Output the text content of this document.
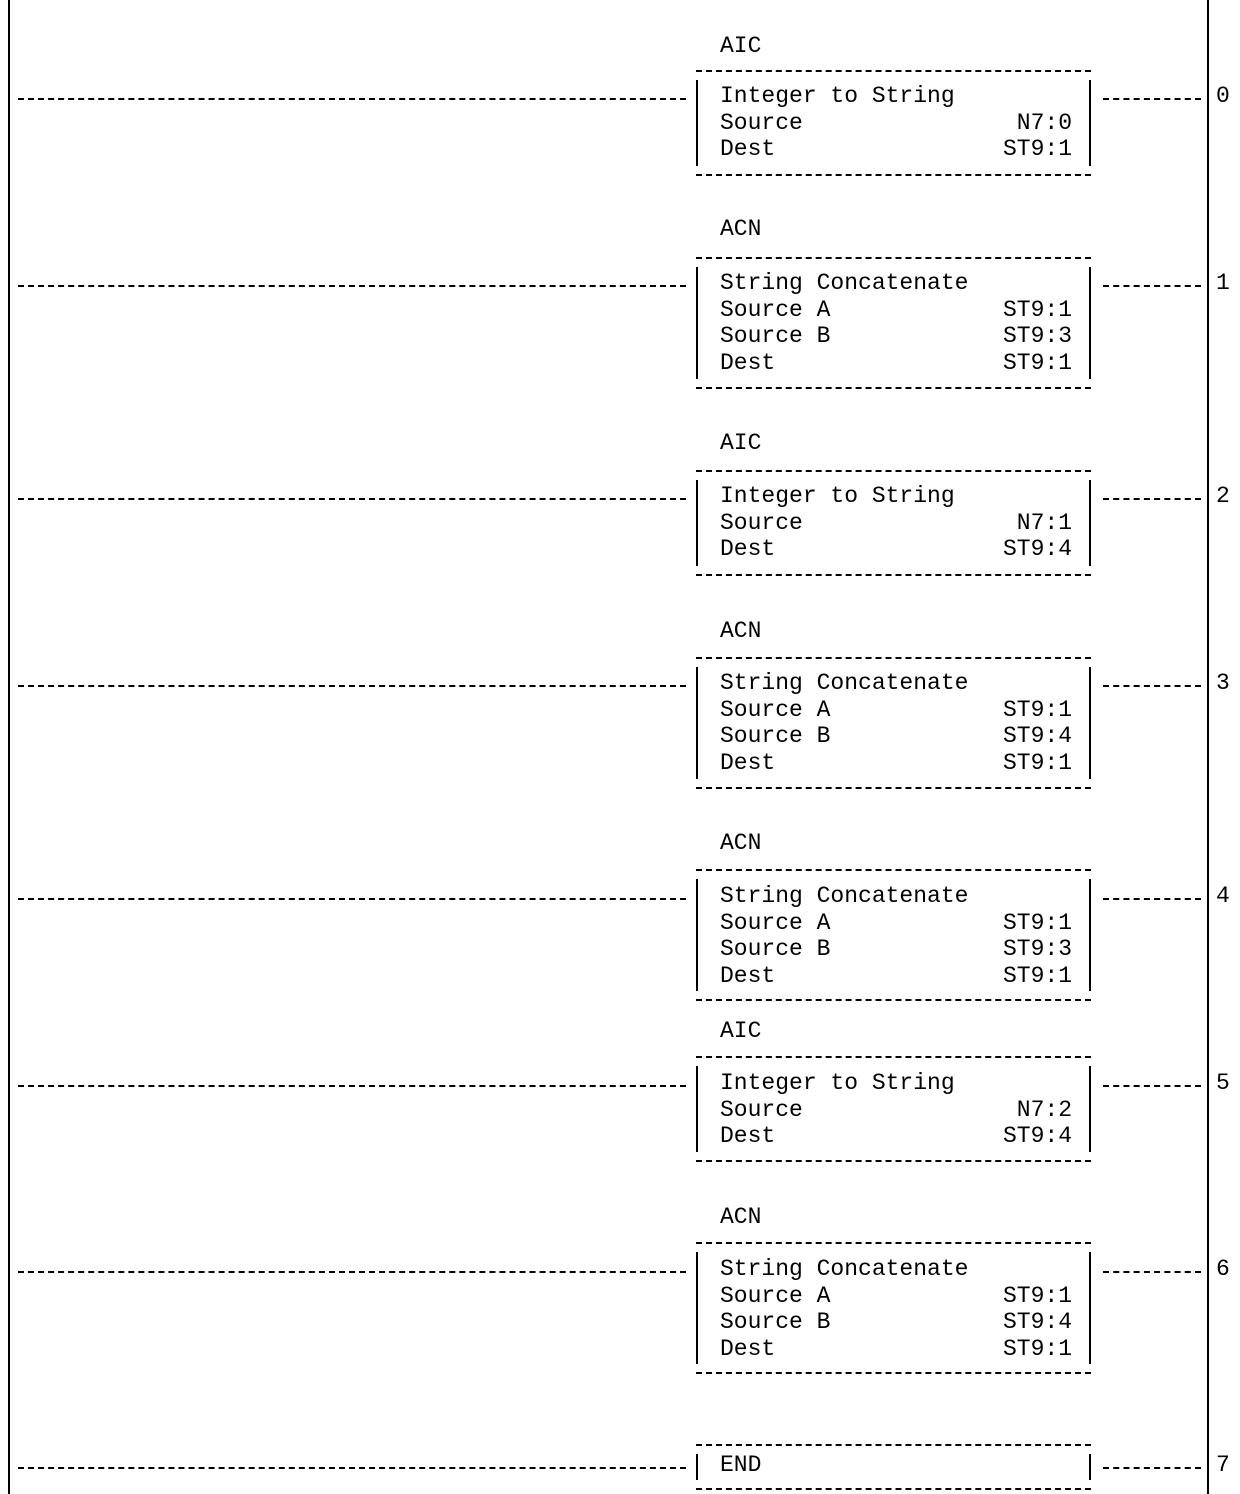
AIC
Integer to String
Source	N7:0
Dest	ST9:1
0
ACN
String Concatenate
Source A	ST9:1
Source B	ST9:3
Dest	ST9:1
1
AIC
Integer to String
Source	N7:1
Dest	ST9:4
2
ACN
String Concatenate
Source A	ST9:1
Source B	ST9:4
Dest	ST9:1
3
ACN
String Concatenate
Source A	ST9:1
Source B	ST9:3
Dest	ST9:1
4
AIC
Integer to String
Source	N7:2
Dest	ST9:4
5
ACN
String Concatenate
Source A	ST9:1
Source B	ST9:4
Dest	ST9:1
6
END	7
